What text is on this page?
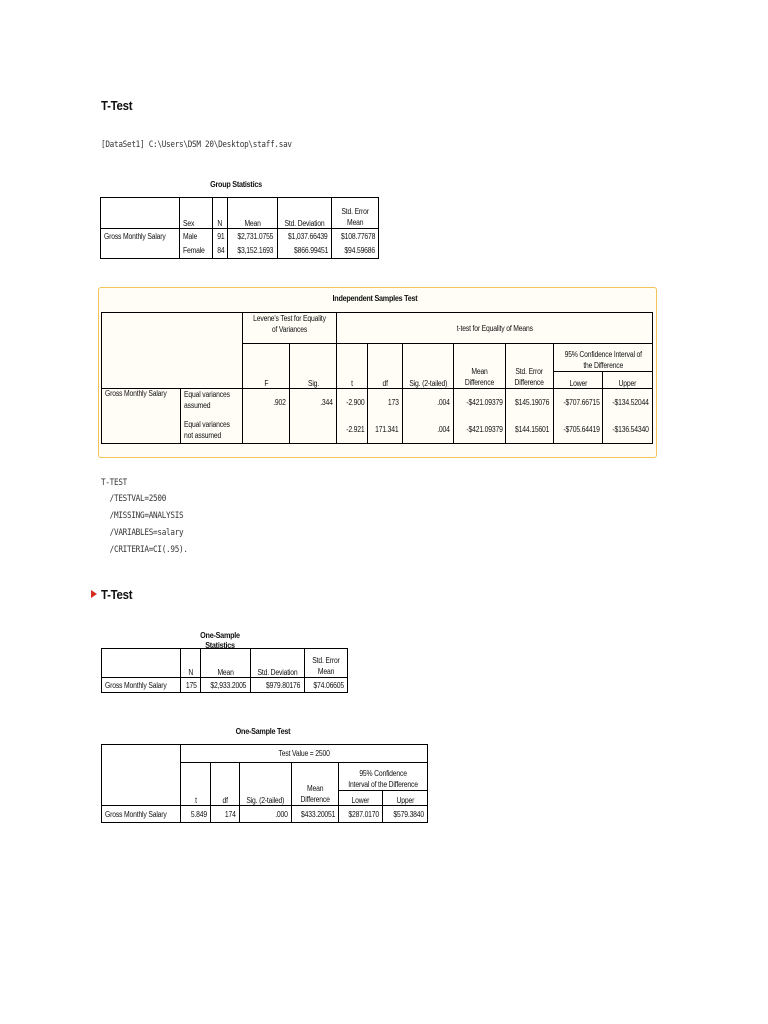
T-Test
[DataSet1] C:\Users\DSM 20\Desktop\staff.sav
Group Statistics
	Sex	N	Mean	Std. Deviation	Std. Error Mean
Gross Monthly Salary	Male	91	$2,731.0755	$1,037.66439	$108.77678
	Female	84	$3,152.1693	$866.99451	$94.59686
Independent Samples Test
		Levene's Test for Equality of Variances		t-test for Equality of Means						
		F	Sig.	t	df	Sig. (2-tailed)	Mean Difference	Std. Error Difference	95% Confidence Interval of the Difference	
									Lower	Upper
Gross Monthly Salary	Equal variances assumed	.902	.344	-2.900	173	.004	-$421.09379	$145.19076	-$707.66715	-$134.52044
	Equal variances not assumed			-2.921	171.341	.004	-$421.09379	$144.15601	-$705.64419	-$136.54340
T-TEST
/TESTVAL=2500
/MISSING=ANALYSIS
/VARIABLES=salary
/CRITERIA=CI(.95).
T-Test
One-Sample Statistics
	N	Mean	Std. Deviation	Std. Error Mean
Gross Monthly Salary	175	$2,933.2005	$979.80176	$74.06605
One-Sample Test
	Test Value = 2500					
	t	df	Sig. (2-tailed)	Mean Difference	95% Confidence Interval of the Difference	
					Lower	Upper
Gross Monthly Salary	5.849	174	.000	$433.20051	$287.0170	$579.3840
